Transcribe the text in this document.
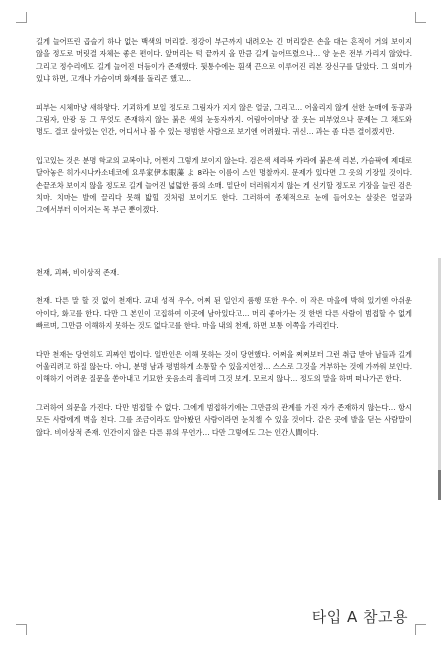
길게 늘어뜨린 곱슬기 하나 없는 백색의 머리칼. 정강이 부근까지 내려오는 긴 머리칼은 손을 대는 흔적이 거의 보이지 않을 정도로 머릿결 자체는 좋은 편이다. 앞머리는 턱 끝까지 올 만큼 길게 늘어뜨렸으나… 양 눈은 전부 가리지 않았다. 그리고 정수리에도 길게 늘어진 더듬이가 존재했다. 뒷통수에는 흰색 끈으로 이루어진 리본 장신구를 달았다. 그 의미가 있냐 하면, 고개나 가슴이며 화제를 돌리곤 했고…

피부는 시체마냥 새하얗다. 기괴하게 보일 정도로 그림자가 지지 않은 얼굴, 그리고… 어울리지 않게 선한 눈매에 동공과 그림자, 안광 등 그 무엇도 존재하지 않는 붉은 색의 눈동자까지. 어림아이마냥 잘 웃는 피부였으나 문제는 그 채도와 명도. 결코 살아있는 인간, 어디서나 볼 수 있는 평범한 사람으로 보기엔 어려웠다. 귀신… 과는 좀 다른 결이겠지만.

입고있는 것은 분명 학교의 교복이나, 어쩐지 그렇게 보이지 않는다. 검은색 세라복 카라에 붉은색 리본, 가슴팍에 제대로 달아놓은 히가시나카소네코에 요루家伊本眼藻 よ 8라는 이름이 스인 명찰까지. 문제가 있다면 그 옷의 기장일 것이다. 손끝조차 보이지 않을 정도로 길게 늘어진 넓덟한 품의 소매. 밑단이 더러워지지 않는 게 신기할 정도로 기장을 늘린 검은 치마. 치마는 발에 끌리다 못해 밟힐 것처럼 보이기도 한다. 그러하여 종체적으로 눈에 들어오는 살갗은 얼굴과 그에서부터 이어지는 목 부근 뿐이겠다.

천재, 괴짜, 비이상적 존재.

천재. 다른 말 할 것 없이 천재다. 교내 성적 우수, 어찌 된 일인지 품행 또한 우수. 이 작은 마을에 박혀 있기엔 아쉬운 아이다, 화고를 한다. 다만 그 본인이 고집하여 이곳에 남아있다고… 머리 좋아가는 것 한번 다른 사람이 범접할 수 없게 빠르며, 그만큼 이해하지 못하는 것도 없다고를 한다. 마을 내의 천재, 하면 보통 이쪽을 가리킨다.

다만 천재는 당연히도 괴짜인 법이다. 일반인은 이해 못하는 것이 당연했다. 어쩌을 쩌쩌보터 그런 취급 받아 남들과 길게 어울리려고 하질 않는다. 아니, 분명 남과 평범하게 소통할 수 있을지언정… 스스로 그것을 거부하는 것에 가까워 보인다. 이해하기 어려운 질문을 쏟아내고 기묘한 웃음소리 흘리며 그것 보게. 모르지 않나… 정도의 말을 하며 떠나가곤 한다.

그러하여 의문을 가진다. 다만 범접할 수 없다. 그에게 범접하기에는 그만큼의 관계를 가진 자가 존재하지 않는다… 항시 모든 사람에게 벽을 친다. 그를 조금이라도 알아봤던 사람이라면 눈치챌 수 있을 것이다. 같은 곳에 발을 딛는 사람말이 않다. 비이상적 존재. 인간이지 않은 다른 류의 무언가… 다만 그렇에도 그는 인간人間이다.

타입 A 참고용
